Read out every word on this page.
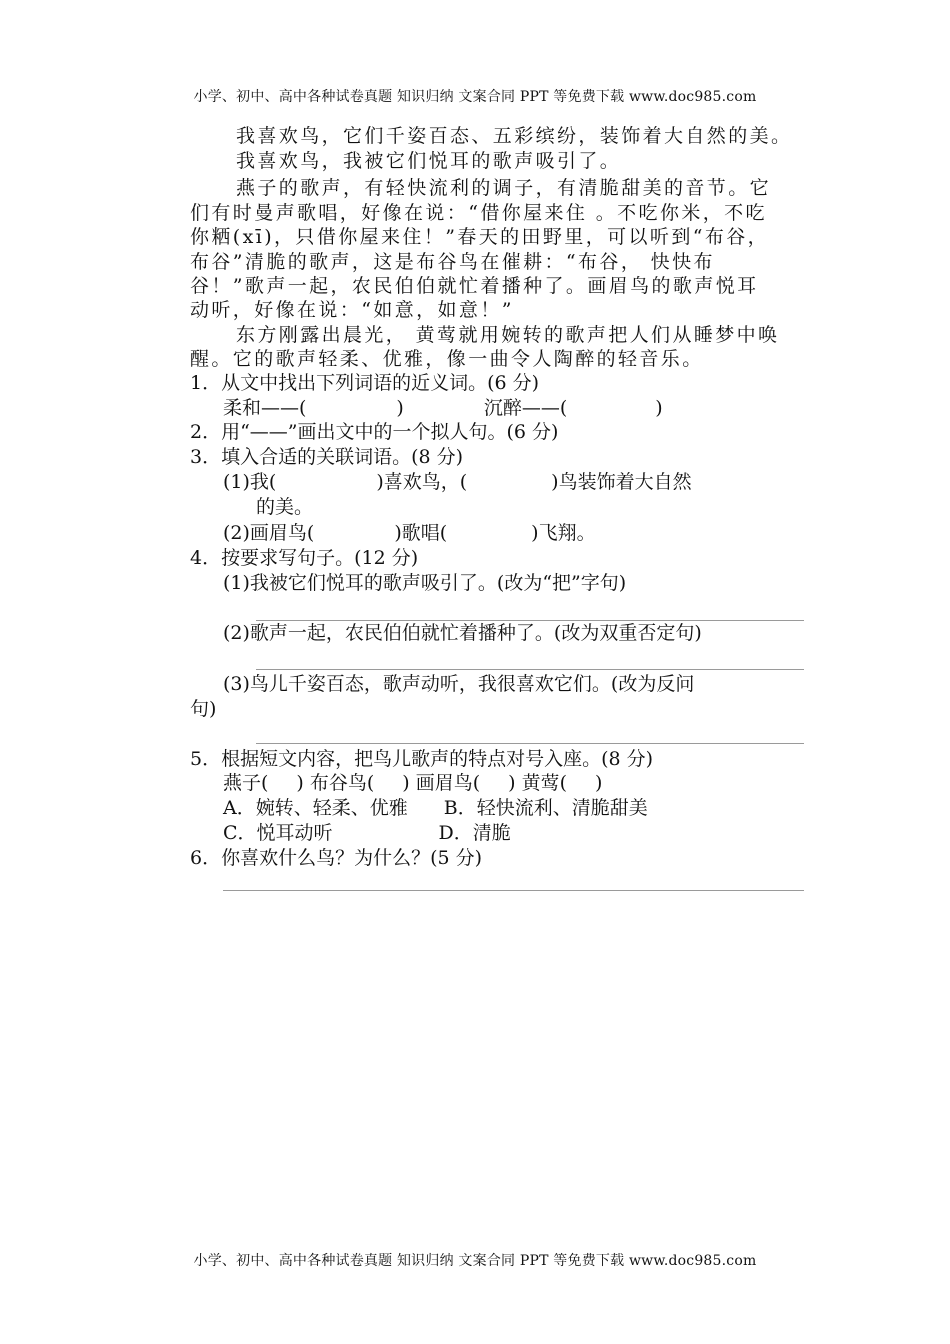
小学、初中、高中各种试卷真题 知识归纳 文案合同 PPT 等免费下载 www.doc985.com
我喜欢鸟，它们千姿百态、五彩缤纷，装饰着大自然的美。
我喜欢鸟，我被它们悦耳的歌声吸引了。
燕子的歌声，有轻快流利的调子，有清脆甜美的音节。它
们有时曼声歌唱，好像在说：“借你屋来住 。不吃你米，不吃
你粞(xī)，只借你屋来住！”春天的田野里，可以听到“布谷，
布谷”清脆的歌声，这是布谷鸟在催耕：“布谷， 快快布
谷！”歌声一起，农民伯伯就忙着播种了。画眉鸟的歌声悦耳
动听，好像在说：“如意，如意！”
东方刚露出晨光， 黄莺就用婉转的歌声把人们从睡梦中唤
醒。它的歌声轻柔、优雅，像一曲令人陶醉的轻音乐。
1．从文中找出下列词语的近义词。(6 分)
柔和——(	)	沉醉——(	)
2．用“——”画出文中的一个拟人句。(6 分)
3．填入合适的关联词语。(8 分)
(1)我(	)喜欢鸟，(	)鸟装饰着大自然
的美。
(2)画眉鸟(	)歌唱(	)飞翔。
4．按要求写句子。(12 分)
(1)我被它们悦耳的歌声吸引了。(改为“把”字句)
(2)歌声一起，农民伯伯就忙着播种了。(改为双重否定句)
(3)鸟儿千姿百态，歌声动听，我很喜欢它们。(改为反问
句)
5．根据短文内容，把鸟儿歌声的特点对号入座。(8 分)
燕子( ) 布谷鸟( ) 画眉鸟( ) 黄莺( )
A．婉转、轻柔、优雅 B．轻快流利、清脆甜美
C．悦耳动听	D．清脆
6．你喜欢什么鸟？为什么？(5 分)
小学、初中、高中各种试卷真题 知识归纳 文案合同 PPT 等免费下载 www.doc985.com
